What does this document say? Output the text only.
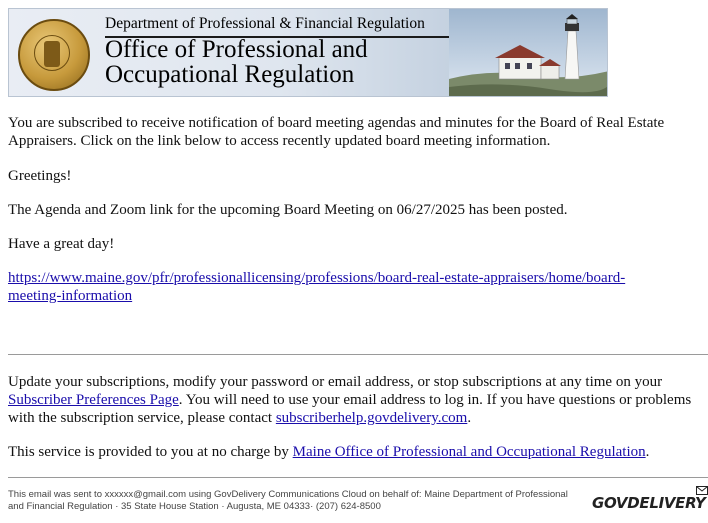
Department of Professional & Financial Regulation
Office of Professional and
Occupational Regulation

You are subscribed to receive notification of board meeting agendas and minutes for the Board of Real Estate Appraisers. Click on the link below to access recently updated board meeting information.

Greetings!

The Agenda and Zoom link for the upcoming Board Meeting on 06/27/2025 has been posted.

Have a great day!

https://www.maine.gov/pfr/professionallicensing/professions/board-real-estate-appraisers/home/board-
meeting-information

Update your subscriptions, modify your password or email address, or stop subscriptions at any time on your
Subscriber Preferences Page. You will need to use your email address to log in. If you have questions or problems with the subscription service, please contact subscriberhelp.govdelivery.com.

This service is provided to you at no charge by Maine Office of Professional and Occupational Regulation.

This email was sent to xxxxxx@gmail.com using GovDelivery Communications Cloud on behalf of: Maine Department of Professional and Financial Regulation · 35 State House Station · Augusta, ME 04333· (207) 624-8500	GOVDELIVERY
